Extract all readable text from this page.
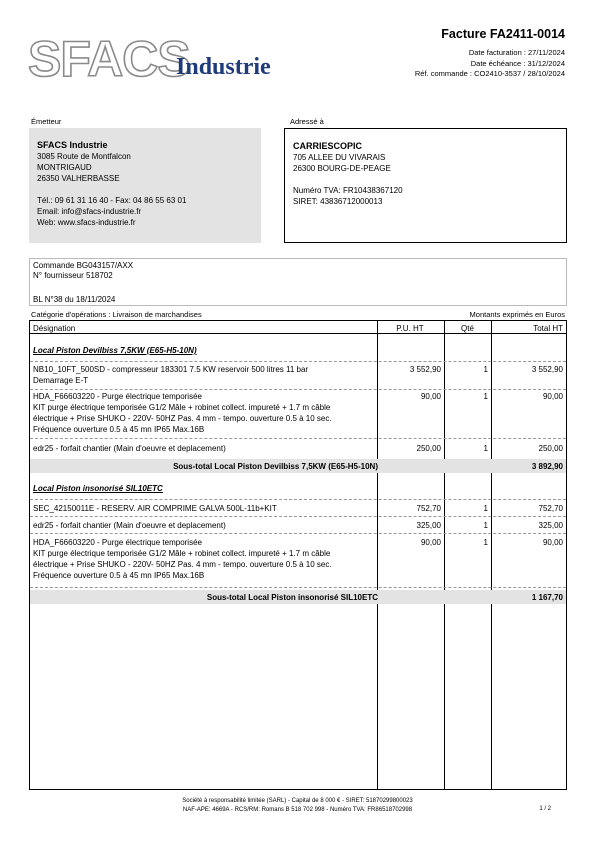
SFACS
Industrie
Facture FA2411-0014
Date facturation : 27/11/2024
Date échéance : 31/12/2024
Réf. commande : CO2410-3537 / 28/10/2024
Émetteur	Adressé à
SFACS Industrie
3085 Route de Montfalcon
MONTRIGAUD
26350 VALHERBASSE
Tél.: 09 61 31 16 40 - Fax: 04 86 55 63 01
Email: info@sfacs-industrie.fr
Web: www.sfacs-industrie.fr
CARRIESCOPIC
705 ALLEE DU VIVARAIS
26300 BOURG-DE-PEAGE
Numéro TVA: FR10438367120
SIRET: 43836712000013
Commande BG043157/AXX
N° fournisseur 518702
BL N°38 du 18/11/2024
Catégorie d'opérations : Livraison de marchandises	Montants exprimés en Euros
Désignation	P.U. HT	Qté	Total HT
Local Piston Devilbiss 7,5KW (E65-H5-10N)
NB10_10FT_500SD - compresseur 183301 7.5 KW reservoir 500 litres 11 bar
Demarrage E-T
3 552,90	1	3 552,90
HDA_F66603220 - Purge électrique temporisée
KIT purge électrique temporisée G1/2 Mâle + robinet collect. impureté + 1.7 m câble
électrique + Prise SHUKO - 220V- 50HZ Pas. 4 mm - tempo. ouverture 0.5 à 10 sec.
Fréquence ouverture 0.5 à 45 mn IP65 Max.16B
90,00	1	90,00
edr25 - forfait chantier (Main d'oeuvre et deplacement)	250,00	1	250,00
Sous-total Local Piston Devilbiss 7,5KW (E65-H5-10N)	3 892,90
Local Piston insonorisé SIL10ETC
SEC_42150011E - RESERV. AIR COMPRIME GALVA 500L-11b+KIT	752,70	1	752,70
edr25 - forfait chantier (Main d'oeuvre et deplacement)	325,00	1	325,00
HDA_F66603220 - Purge électrique temporisée
KIT purge électrique temporisée G1/2 Mâle + robinet collect. impureté + 1.7 m câble
électrique + Prise SHUKO - 220V- 50HZ Pas. 4 mm - tempo. ouverture 0.5 à 10 sec.
Fréquence ouverture 0.5 à 45 mn IP65 Max.16B
90,00	1	90,00
Sous-total Local Piston insonorisé SIL10ETC	1 167,70
Société à responsabilité limitée (SARL) - Capital de 8 000 € - SIRET: 51870299800023
NAF-APE: 4669A - RCS/RM: Romans B 518 702 998 - Numéro TVA: FR86518702998	1 / 2
